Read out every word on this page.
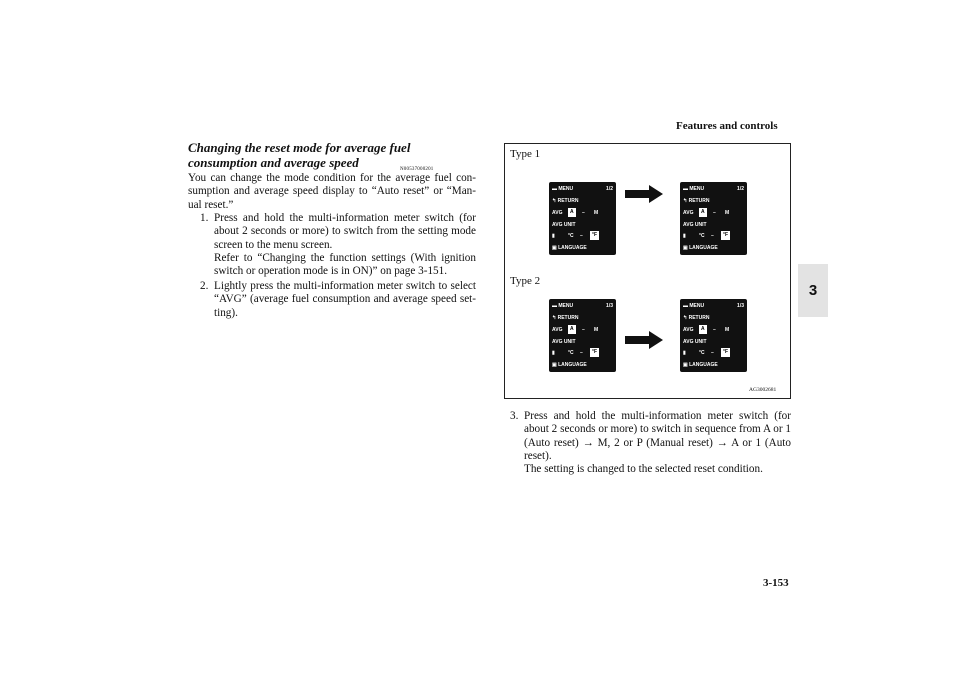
Features and controls
3
Changing the reset mode for average fuel consumption and average speed	N00537000201
You can change the mode condition for the average fuel con-sumption and average speed display to “Auto reset” or “Man-ual reset.”
1. Press and hold the multi-information meter switch (for about 2 seconds or more) to switch from the setting mode screen to the menu screen.
Refer to “Changing the function settings (With ignition switch or operation mode is in ON)” on page 3-151.
2. Lightly press the multi-information meter switch to select “AVG” (average fuel consumption and average speed set-ting).
Type 1
Type 2
▬ MENU	1/2
↰ RETURN
AVG	A	– M
AVG UNIT
▮	°C –	°F
▣ LANGUAGE
▬ MENU	1/2
↰ RETURN
AVG	A	– M
AVG UNIT
▮	°C –	°F
▣ LANGUAGE
▬ MENU	1/3
↰ RETURN
AVG	A	– M
AVG UNIT
▮	°C –	°F
▣ LANGUAGE
▬ MENU	1/3
↰ RETURN
AVG	A	– M
AVG UNIT
▮	°C –	°F
▣ LANGUAGE
AG3002681
3. Press and hold the multi-information meter switch (for about 2 seconds or more) to switch in sequence from A or 1 (Auto reset) → M, 2 or P (Manual reset) → A or 1 (Auto reset).
The setting is changed to the selected reset condition.
3-153
